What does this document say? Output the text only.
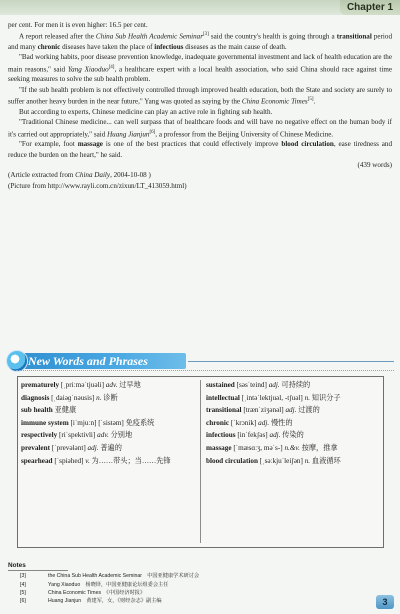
Chapter 1

per cent. For men it is even higher: 16.5 per cent.

A report released after the China Sub Health Academic Seminar[3] said the country's health is going through a transitional period and many chronic diseases have taken the place of infectious diseases as the main cause of death.

"Bad working habits, poor disease prevention knowledge, inadequate governmental investment and lack of health education are the main reasons," said Yang Xiaoduo[4], a healthcare expert with a local health association, who said China should race against time seeking measures to solve the sub health problem.

"If the sub health problem is not effectively controlled through improved health education, both the State and society are surely to suffer another heavy burden in the near future," Yang was quoted as saying by the China Economic Times[5].

But according to experts, Chinese medicine can play an active role in fighting sub health.

"Traditional Chinese medicine... can well surpass that of healthcare foods and will have no negative effect on the human body if it's carried out appropriately," said Huang Jianjun[6], a professor from the Beijing University of Chinese Medicine.

"For example, foot massage is one of the best practices that could effectively improve blood circulation, ease tiredness and reduce the burden on the heart," he said.

(439 words)

(Article extracted from China Daily, 2004-10-08 )

(Picture from http://www.rayli.com.cn/zixun/LT_413059.html)

New Words and Phrases
prematurely [ˌpriːməˈtjuəli] adv. 过早地
diagnosis [ˌdaiəɡˈnəusis] n. 诊断
sub health 亚健康
immune system [iˈmjuːn] [ˈsistəm] 免疫系统
respectively [riˈspektivli] adv. 分别地
prevalent [ˈprevələnt] adj. 普遍的
spearhead [ˈspiəhed] v. 为……带头；当……先锋
sustained [səsˈteind] adj. 可持续的
intellectual [ˌintəˈlektjuəl, -tʃuəl] n. 知识分子
transitional [trænˈziʒənəl] adj. 过渡的
chronic [ˈkrɔnik] adj. 慢性的
infectious [inˈfekʃəs] adj. 传染的
massage [ˈmæsɑːʒ, məˈs-] n.&v. 按摩，推拿
blood circulation [ˌsəːkjuˈleiʃən] n. 血液循环
Notes
[3]	the China Sub Health Academic Seminar　中国亚健康学术研讨会
[4]	Yang Xiaoduo　杨晓铎，中国亚健康论坛组委会主任
[5]	China Economic Times　《中国经济时报》
[6]	Huang Jianjun　黄建军，女，《财经杂志》副主编	3
